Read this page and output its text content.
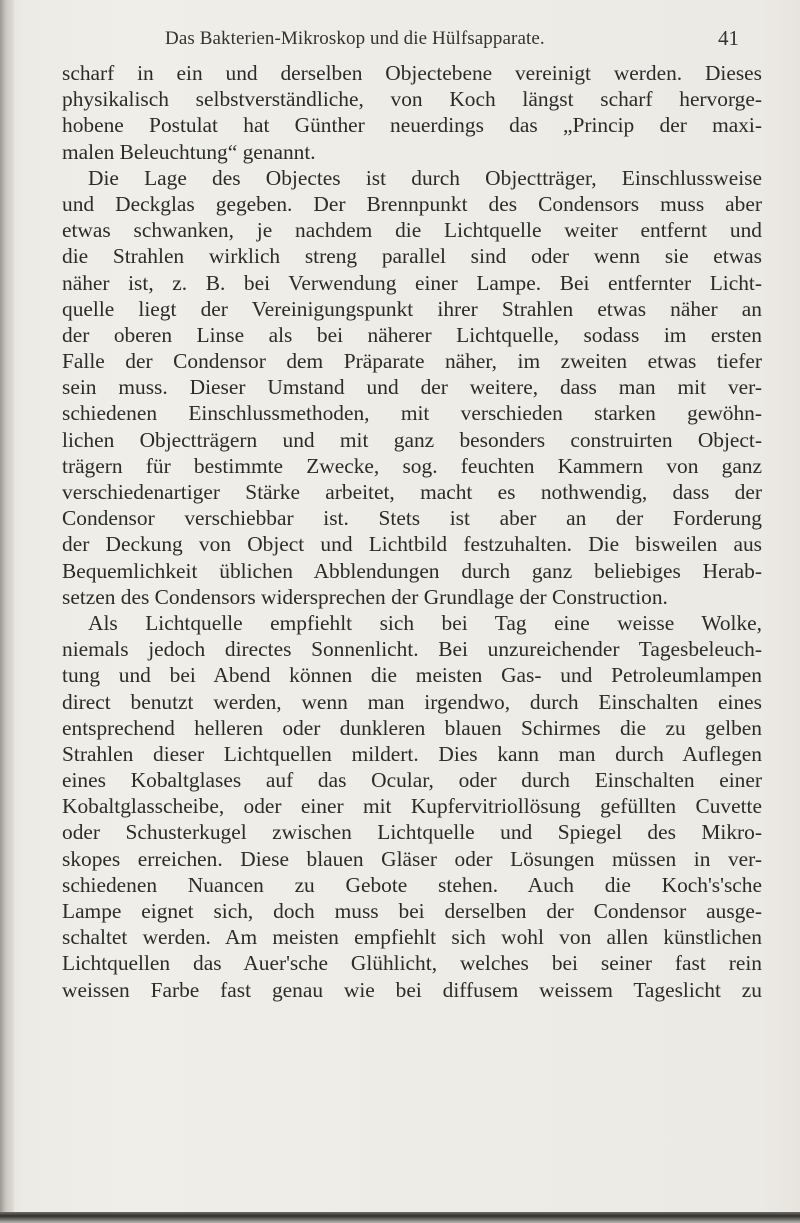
Das Bakterien-Mikroskop und die Hülfsapparate.	41
scharf in ein und derselben Objectebene vereinigt werden. Dieses
physikalisch selbstverständliche, von Koch längst scharf hervorge-
hobene Postulat hat Günther neuerdings das „Princip der maxi-
malen Beleuchtung“ genannt.
Die Lage des Objectes ist durch Objectträger, Einschlussweise
und Deckglas gegeben. Der Brennpunkt des Condensors muss aber
etwas schwanken, je nachdem die Lichtquelle weiter entfernt und
die Strahlen wirklich streng parallel sind oder wenn sie etwas
näher ist, z. B. bei Verwendung einer Lampe. Bei entfernter Licht-
quelle liegt der Vereinigungspunkt ihrer Strahlen etwas näher an
der oberen Linse als bei näherer Lichtquelle, sodass im ersten
Falle der Condensor dem Präparate näher, im zweiten etwas tiefer
sein muss. Dieser Umstand und der weitere, dass man mit ver-
schiedenen Einschlussmethoden, mit verschieden starken gewöhn-
lichen Objectträgern und mit ganz besonders construirten Object-
trägern für bestimmte Zwecke, sog. feuchten Kammern von ganz
verschiedenartiger Stärke arbeitet, macht es nothwendig, dass der
Condensor verschiebbar ist. Stets ist aber an der Forderung
der Deckung von Object und Lichtbild festzuhalten. Die bisweilen aus
Bequemlichkeit üblichen Abblendungen durch ganz beliebiges Herab-
setzen des Condensors widersprechen der Grundlage der Construction.
Als Lichtquelle empfiehlt sich bei Tag eine weisse Wolke,
niemals jedoch directes Sonnenlicht. Bei unzureichender Tagesbeleuch-
tung und bei Abend können die meisten Gas- und Petroleumlampen
direct benutzt werden, wenn man irgendwo, durch Einschalten eines
entsprechend helleren oder dunkleren blauen Schirmes die zu gelben
Strahlen dieser Lichtquellen mildert. Dies kann man durch Auflegen
eines Kobaltglases auf das Ocular, oder durch Einschalten einer
Kobaltglasscheibe, oder einer mit Kupfervitriollösung gefüllten Cuvette
oder Schusterkugel zwischen Lichtquelle und Spiegel des Mikro-
skopes erreichen. Diese blauen Gläser oder Lösungen müssen in ver-
schiedenen Nuancen zu Gebote stehen. Auch die Koch's'sche
Lampe eignet sich, doch muss bei derselben der Condensor ausge-
schaltet werden. Am meisten empfiehlt sich wohl von allen künstlichen
Lichtquellen das Auer'sche Glühlicht, welches bei seiner fast rein
weissen Farbe fast genau wie bei diffusem weissem Tageslicht zu
